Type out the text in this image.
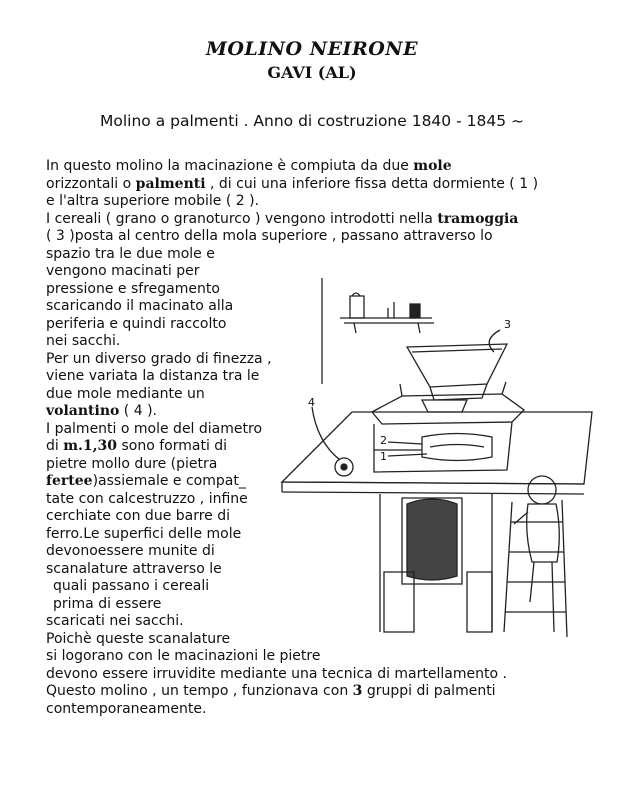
MOLINO NEIRONE
GAVI (AL)
Molino a palmenti . Anno di costruzione 1840 - 1845 ~
In questo molino la macinazione è compiuta da due mole
orizzontali o palmenti , di cui una inferiore fissa detta dormiente ( 1 )
e l'altra superiore mobile ( 2 ).
I cereali ( grano o granoturco ) vengono introdotti nella tramoggia
( 3 )posta al centro della mola superiore , passano attraverso lo
spazio tra le due mole e
vengono macinati per
pressione e sfregamento
scaricando il macinato alla
periferia e quindi raccolto
nei sacchi.
Per un diverso grado di finezza ,
viene variata la distanza tra le
due mole mediante un
volantino ( 4 ).
I palmenti o mole del diametro
di m.1,30 sono formati di
pietre mollo dure (pietra
fertee)assiemale e compat_
tate con calcestruzzo , infine
cerchiate con due barre di
ferro.Le superfici delle mole
devonoessere munite di
scanalature attraverso le
quali passano i cereali
prima di essere
scaricati nei sacchi.
Poichè queste scanalature
si logorano con le macinazioni le pietre
devono essere irruvidite mediante una tecnica di martellamento .
Questo molino , un tempo , funzionava con 3 gruppi di palmenti
contemporaneamente.
3
4
2
1
